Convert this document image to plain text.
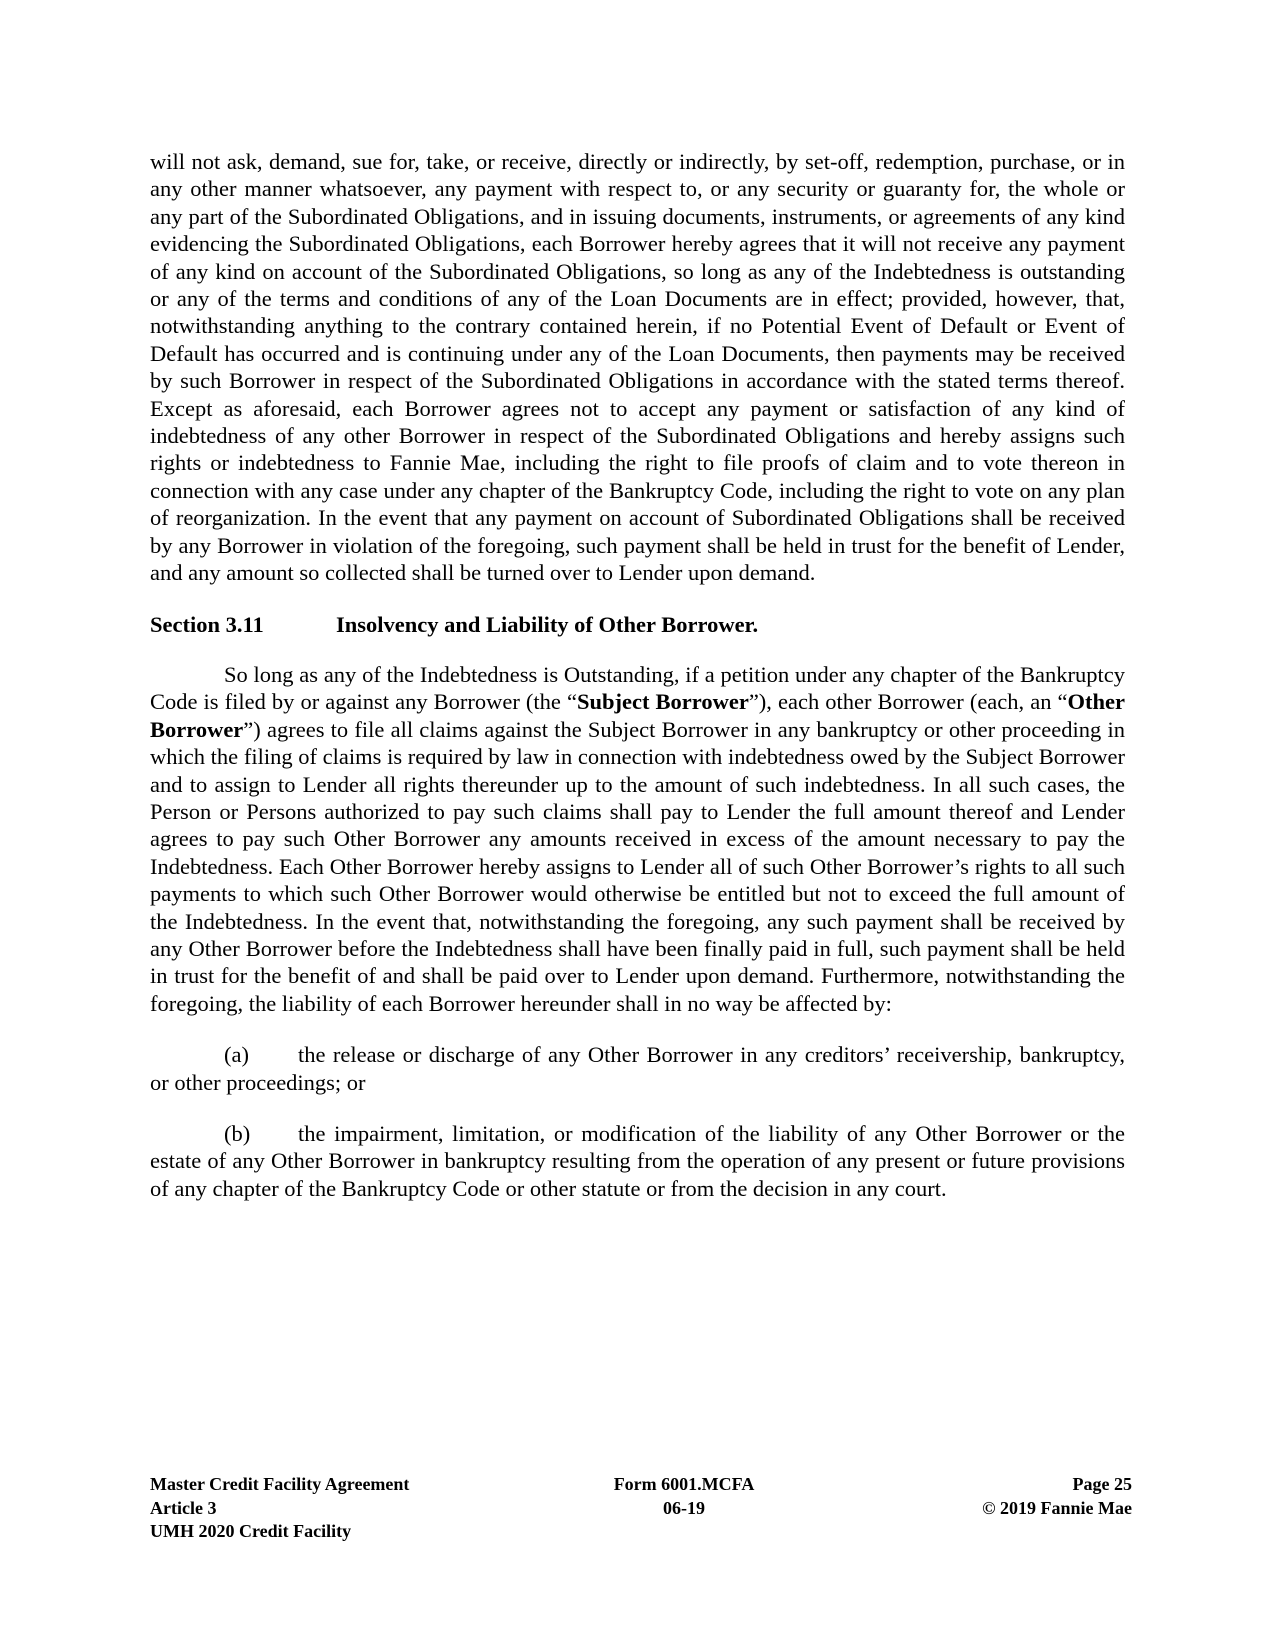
will not ask, demand, sue for, take, or receive, directly or indirectly, by set-off, redemption, purchase, or in any other manner whatsoever, any payment with respect to, or any security or guaranty for, the whole or any part of the Subordinated Obligations, and in issuing documents, instruments, or agreements of any kind evidencing the Subordinated Obligations, each Borrower hereby agrees that it will not receive any payment of any kind on account of the Subordinated Obligations, so long as any of the Indebtedness is outstanding or any of the terms and conditions of any of the Loan Documents are in effect; provided, however, that, notwithstanding anything to the contrary contained herein, if no Potential Event of Default or Event of Default has occurred and is continuing under any of the Loan Documents, then payments may be received by such Borrower in respect of the Subordinated Obligations in accordance with the stated terms thereof. Except as aforesaid, each Borrower agrees not to accept any payment or satisfaction of any kind of indebtedness of any other Borrower in respect of the Subordinated Obligations and hereby assigns such rights or indebtedness to Fannie Mae, including the right to file proofs of claim and to vote thereon in connection with any case under any chapter of the Bankruptcy Code, including the right to vote on any plan of reorganization. In the event that any payment on account of Subordinated Obligations shall be received by any Borrower in violation of the foregoing, such payment shall be held in trust for the benefit of Lender, and any amount so collected shall be turned over to Lender upon demand.

Section 3.11	Insolvency and Liability of Other Borrower.

So long as any of the Indebtedness is Outstanding, if a petition under any chapter of the Bankruptcy Code is filed by or against any Borrower (the “Subject Borrower”), each other Borrower (each, an “Other Borrower”) agrees to file all claims against the Subject Borrower in any bankruptcy or other proceeding in which the filing of claims is required by law in connection with indebtedness owed by the Subject Borrower and to assign to Lender all rights thereunder up to the amount of such indebtedness. In all such cases, the Person or Persons authorized to pay such claims shall pay to Lender the full amount thereof and Lender agrees to pay such Other Borrower any amounts received in excess of the amount necessary to pay the Indebtedness. Each Other Borrower hereby assigns to Lender all of such Other Borrower’s rights to all such payments to which such Other Borrower would otherwise be entitled but not to exceed the full amount of the Indebtedness. In the event that, notwithstanding the foregoing, any such payment shall be received by any Other Borrower before the Indebtedness shall have been finally paid in full, such payment shall be held in trust for the benefit of and shall be paid over to Lender upon demand. Furthermore, notwithstanding the foregoing, the liability of each Borrower hereunder shall in no way be affected by:

(a) the release or discharge of any Other Borrower in any creditors’ receivership, bankruptcy, or other proceedings; or

(b) the impairment, limitation, or modification of the liability of any Other Borrower or the estate of any Other Borrower in bankruptcy resulting from the operation of any present or future provisions of any chapter of the Bankruptcy Code or other statute or from the decision in any court.

Master Credit Facility Agreement
Article 3
UMH 2020 Credit Facility
Form 6001.MCFA
06-19
Page 25
© 2019 Fannie Mae
